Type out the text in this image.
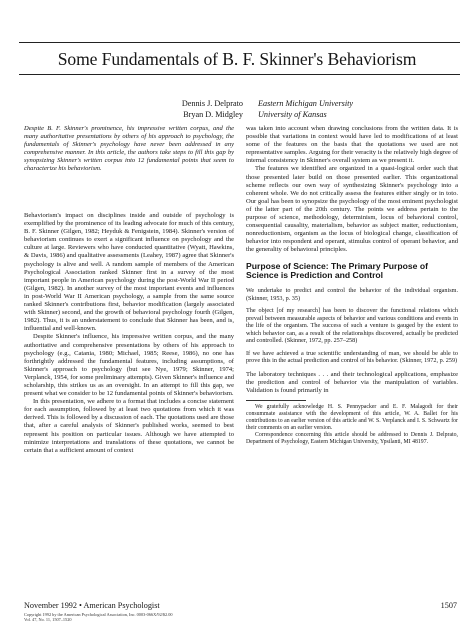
Some Fundamentals of B. F. Skinner's Behaviorism
Dennis J. Delprato
Bryan D. Midgley
Eastern Michigan University
University of Kansas

Despite B. F. Skinner's prominence, his impressive written corpus, and the many authoritative presentations by others of his approach to psychology, the fundamentals of Skinner's psychology have never been addressed in any comprehensive manner. In this article, the authors take steps to fill this gap by synopsizing Skinner's written corpus into 12 fundamental points that seem to characterize his behaviorism.

Behaviorism's impact on disciplines inside and outside of psychology is exemplified by the prominence of its leading advocate for much of this century, B. F. Skinner (Gilgen, 1982; Heyduk & Fenigstein, 1984). Skinner's version of behaviorism continues to exert a significant influence on psychology and the culture at large. Reviewers who have conducted quantitative (Wyatt, Hawkins, & Davis, 1986) and qualitative assessments (Leahey, 1987) agree that Skinner's psychology is alive and well. A random sample of members of the American Psychological Association ranked Skinner first in a survey of the most important people in American psychology during the post-World War II period (Gilgen, 1982). In another survey of the most important events and influences in post-World War II American psychology, a sample from the same source ranked Skinner's contributions first, behavior modification (largely associated with Skinner) second, and the growth of behavioral psychology fourth (Gilgen, 1982). Thus, it is an understatement to conclude that Skinner has been, and is, influential and well-known.

Despite Skinner's influence, his impressive written corpus, and the many authoritative and comprehensive presentations by others of his approach to psychology (e.g., Catania, 1980; Michael, 1985; Reese, 1986), no one has forthrightly addressed the fundamental features, including assumptions, of Skinner's approach to psychology (but see Nye, 1979; Skinner, 1974; Verplanck, 1954, for some preliminary attempts). Given Skinner's influence and scholarship, this strikes us as an oversight. In an attempt to fill this gap, we present what we consider to be 12 fundamental points of Skinner's behaviorism.

In this presentation, we adhere to a format that includes a concise statement for each assumption, followed by at least two quotations from which it was derived. This is followed by a discussion of each. The quotations used are those that, after a careful analysis of Skinner's published works, seemed to best represent his position on particular issues. Although we have attempted to minimize interpretations and translations of these quotations, we cannot be certain that a sufficient amount of context

was taken into account when drawing conclusions from the written data. It is possible that variations in context would have led to modifications of at least some of the features on the basis that the quotations we used are not representative samples. Arguing for their veracity is the relatively high degree of internal consistency in Skinner's overall system as we present it.

The features we identified are organized in a quasi-logical order such that those presented later build on those presented earlier. This organizational scheme reflects our own way of synthesizing Skinner's psychology into a coherent whole. We do not critically assess the features either singly or in toto. Our goal has been to synopsize the psychology of the most eminent psychologist of the latter part of the 20th century. The points we address pertain to the purpose of science, methodology, determinism, locus of behavioral control, consequential causality, materialism, behavior as subject matter, reductionism, nonreductionism, organism as the locus of biological change, classification of behavior into respondent and operant, stimulus control of operant behavior, and the generality of behavioral principles.

Purpose of Science: The Primary Purpose of Science is Prediction and Control

We undertake to predict and control the behavior of the individual organism. (Skinner, 1953, p. 35)

The object [of my research] has been to discover the functional relations which prevail between measurable aspects of behavior and various conditions and events in the life of the organism. The success of such a venture is gauged by the extent to which behavior can, as a result of the relationships discovered, actually be predicted and controlled. (Skinner, 1972, pp. 257–258)

If we have achieved a true scientific understanding of man, we should be able to prove this in the actual prediction and control of his behavior. (Skinner, 1972, p. 259)

The laboratory techniques . . . and their technological applications, emphasize the prediction and control of behavior via the manipulation of variables. Validation is found primarily in

We gratefully acknowledge H. S. Pennypacker and E. F. Malagodi for their consummate assistance with the development of this article, W. A. Ballet for his contributions to an earlier version of this article and W. S. Verplanck and I. S. Schwartz for their comments on an earlier version.

Correspondence concerning this article should be addressed to Dennis J. Delprato, Department of Psychology, Eastern Michigan University, Ypsilanti, MI 48197.

November 1992 • American Psychologist
Copyright 1992 by the American Psychological Association, Inc. 0003-066X/92/$2.00
Vol. 47, No. 11, 1507–1520
1507
